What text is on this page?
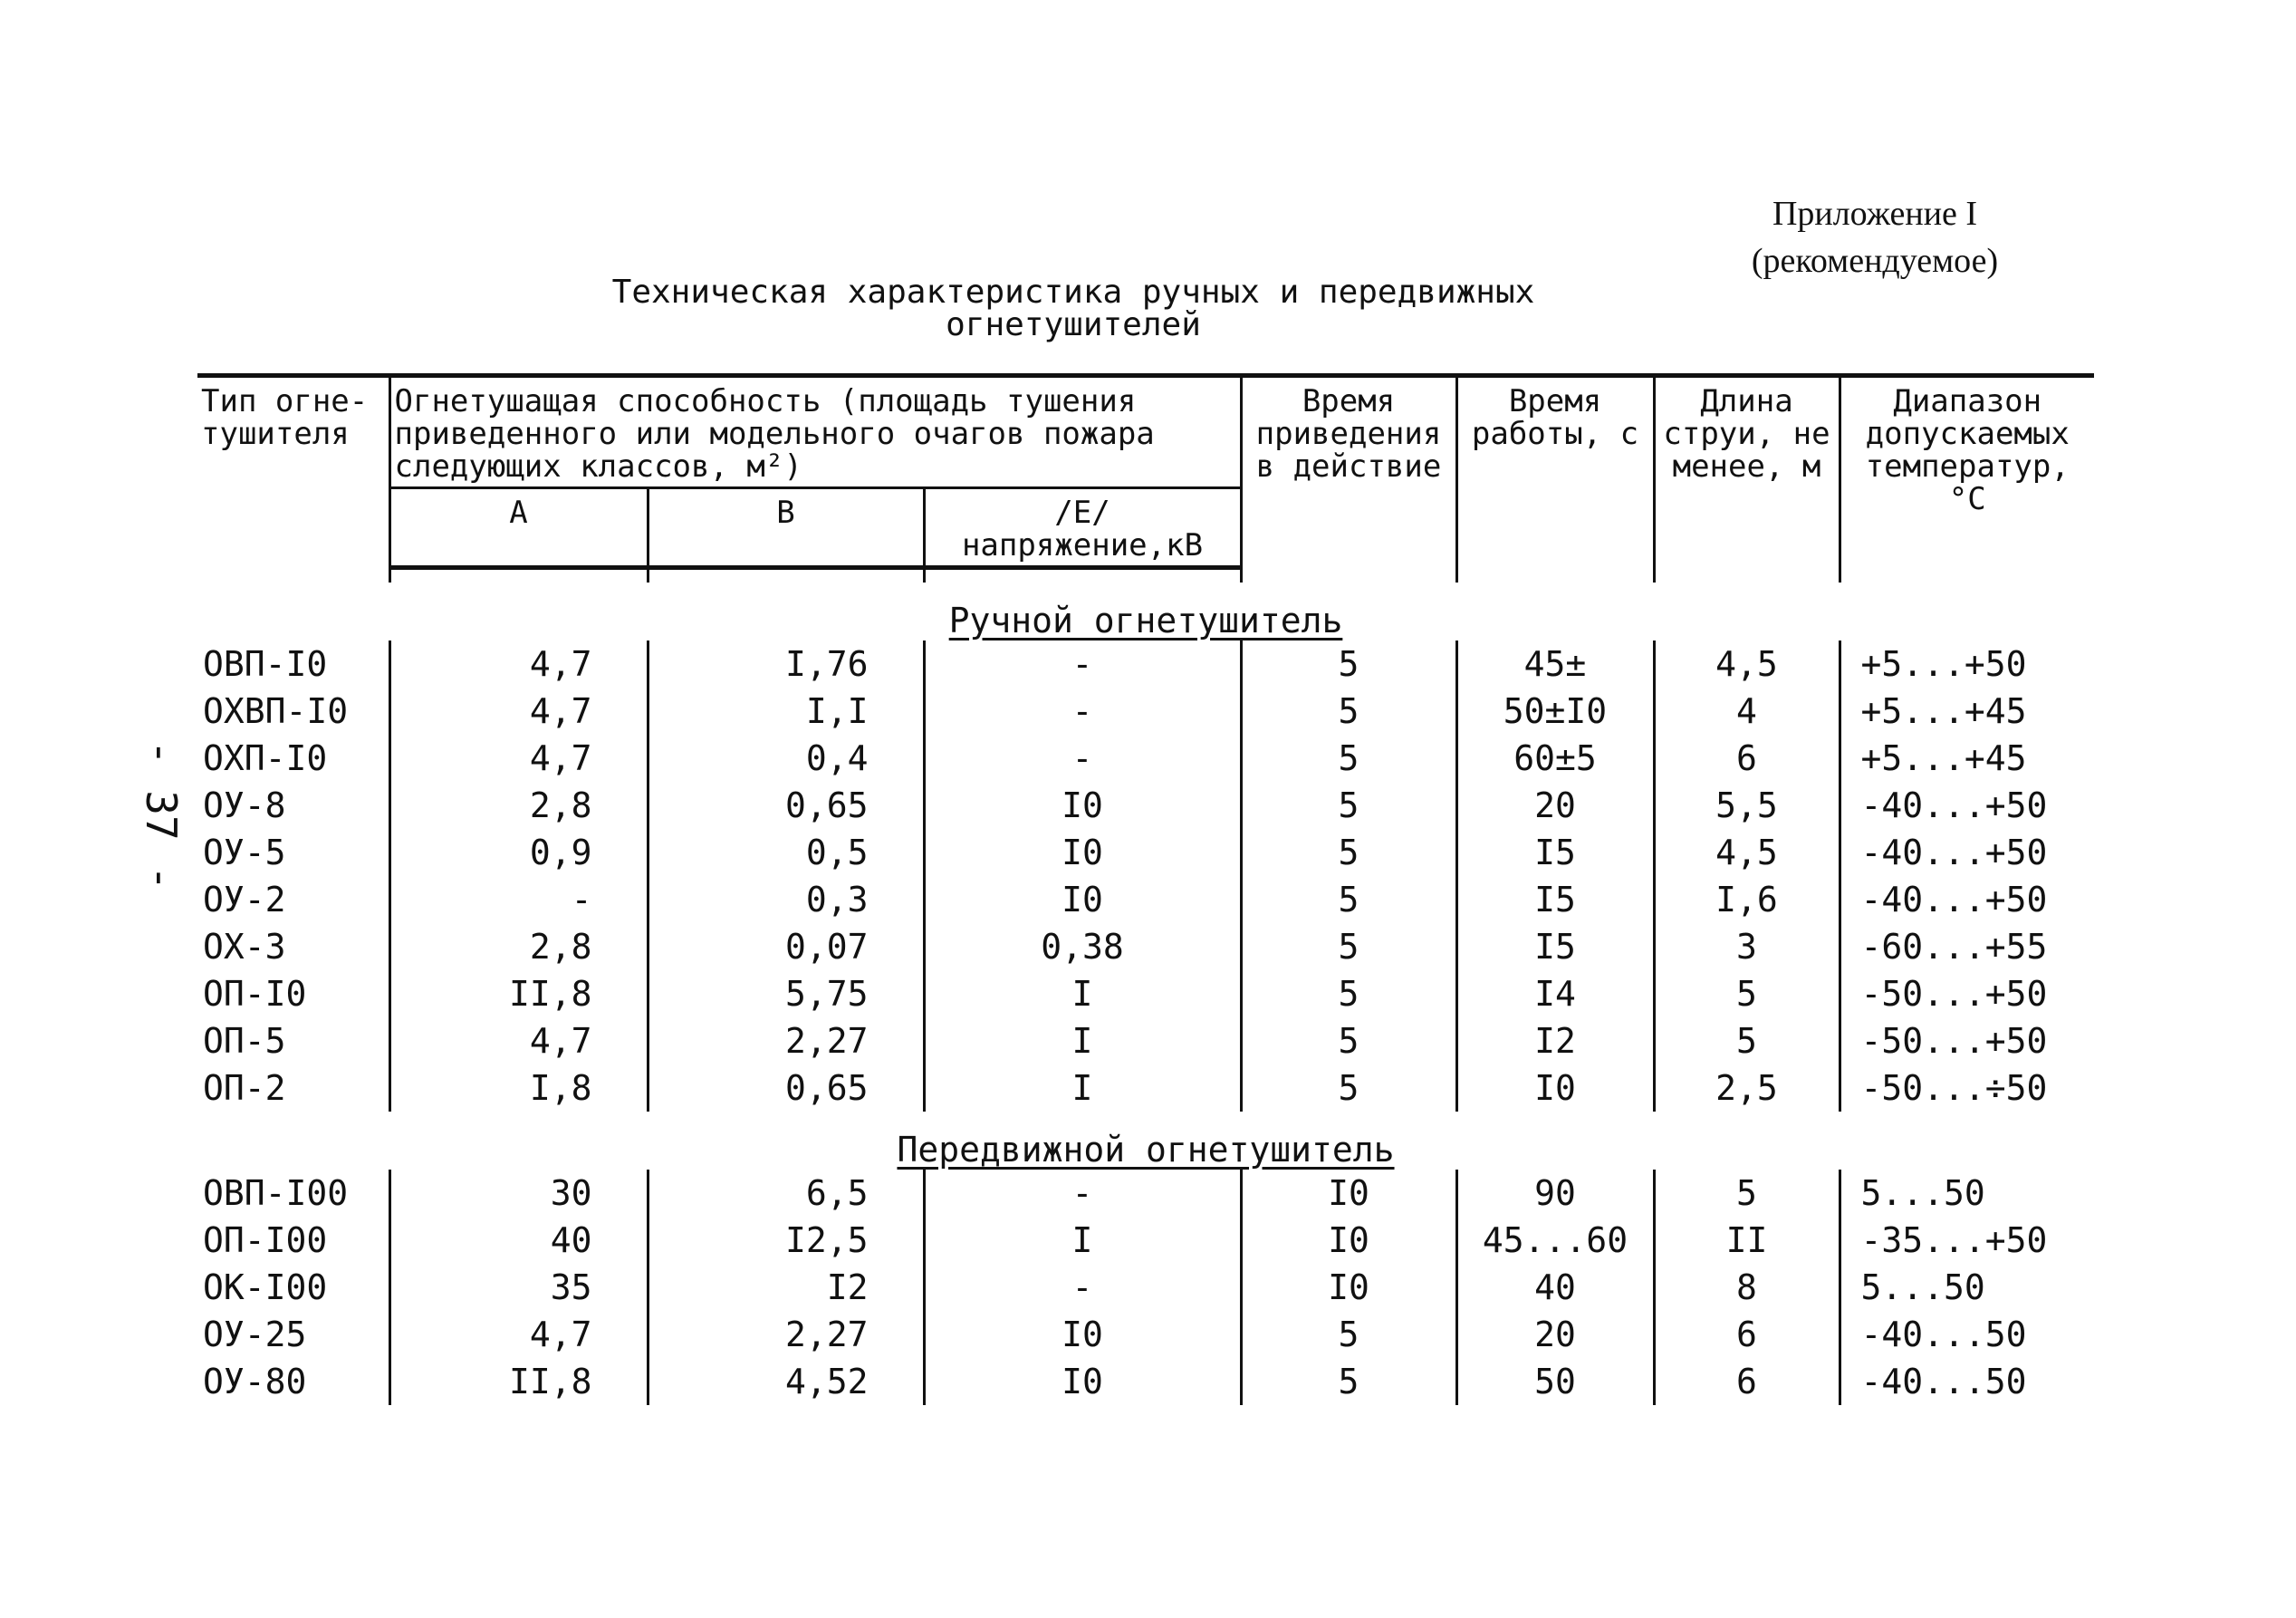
- 37 -
Приложение I
(рекомендуемое)
Техническая характеристика ручных и передвижных
огнетушителей
Тип огне-тушителя	Огнетушащая способность (площадь тушения приведенного или модельного очагов пожара следующих классов, м²)			Время приведения в действие	Время работы, с	Длина струи, не менее, м	Диапазон допускаемых температур, °С
	А	В	/Е/ напряжение,кВ				

Ручной огнетушитель							
ОВП-I0	4,7	I,76	-	5	45±	4,5	+5...+50
ОХВП-I0	4,7	I,I	-	5	50±I0	4	+5...+45
ОХП-I0	4,7	0,4	-	5	60±5	6	+5...+45
ОУ-8	2,8	0,65	I0	5	20	5,5	-40...+50
ОУ-5	0,9	0,5	I0	5	I5	4,5	-40...+50
ОУ-2	-	0,3	I0	5	I5	I,6	-40...+50
ОХ-3	2,8	0,07	0,38	5	I5	3	-60...+55
ОП-I0	II,8	5,75	I	5	I4	5	-50...+50
ОП-5	4,7	2,27	I	5	I2	5	-50...+50
ОП-2	I,8	0,65	I	5	I0	2,5	-50...÷50
Передвижной огнетушитель							
ОВП-I00	30	6,5	-	I0	90	5	5...50
ОП-I00	40	I2,5	I	I0	45...60	II	-35...+50
ОК-I00	35	I2	-	I0	40	8	5...50
ОУ-25	4,7	2,27	I0	5	20	6	-40...50
ОУ-80	II,8	4,52	I0	5	50	6	-40...50
